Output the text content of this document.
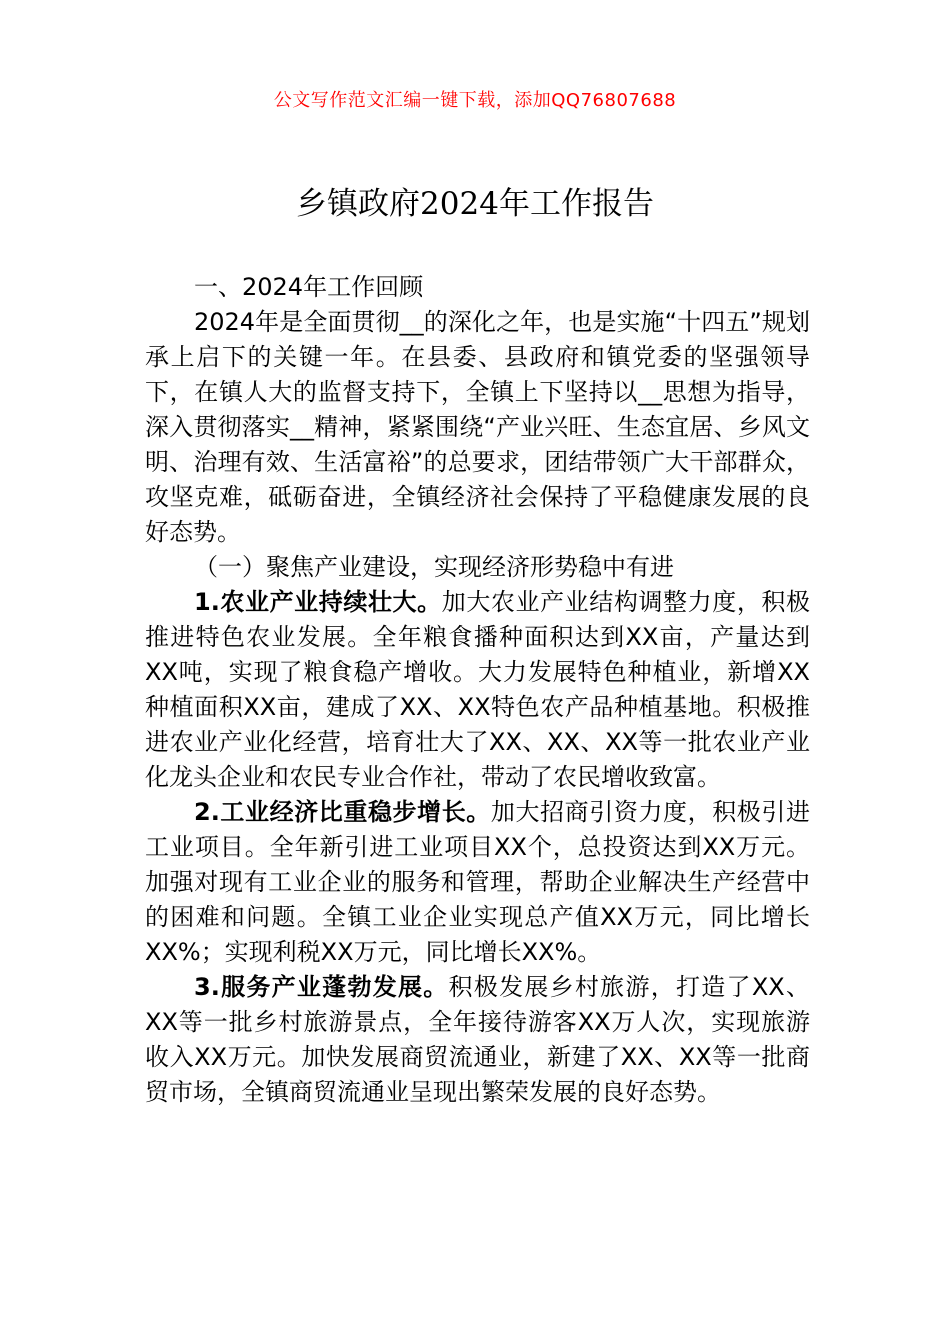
公文写作范文汇编一键下载，添加QQ76807688
乡镇政府2024年工作报告

一、2024年工作回顾

2024年是全面贯彻__的深化之年，也是实施“十四五”规划承上启下的关键一年。在县委、县政府和镇党委的坚强领导下，在镇人大的监督支持下，全镇上下坚持以__思想为指导，深入贯彻落实__精神，紧紧围绕“产业兴旺、生态宜居、乡风文明、治理有效、生活富裕”的总要求，团结带领广大干部群众，攻坚克难，砥砺奋进，全镇经济社会保持了平稳健康发展的良好态势。

（一）聚焦产业建设，实现经济形势稳中有进

1.农业产业持续壮大。加大农业产业结构调整力度，积极推进特色农业发展。全年粮食播种面积达到XX亩，产量达到XX吨，实现了粮食稳产增收。大力发展特色种植业，新增XX种植面积XX亩，建成了XX、XX特色农产品种植基地。积极推进农业产业化经营，培育壮大了XX、XX、XX等一批农业产业化龙头企业和农民专业合作社，带动了农民增收致富。

2.工业经济比重稳步增长。加大招商引资力度，积极引进工业项目。全年新引进工业项目XX个，总投资达到XX万元。加强对现有工业企业的服务和管理，帮助企业解决生产经营中的困难和问题。全镇工业企业实现总产值XX万元，同比增长XX%；实现利税XX万元，同比增长XX%。

3.服务产业蓬勃发展。积极发展乡村旅游，打造了XX、XX等一批乡村旅游景点，全年接待游客XX万人次，实现旅游收入XX万元。加快发展商贸流通业，新建了XX、XX等一批商贸市场，全镇商贸流通业呈现出繁荣发展的良好态势。
